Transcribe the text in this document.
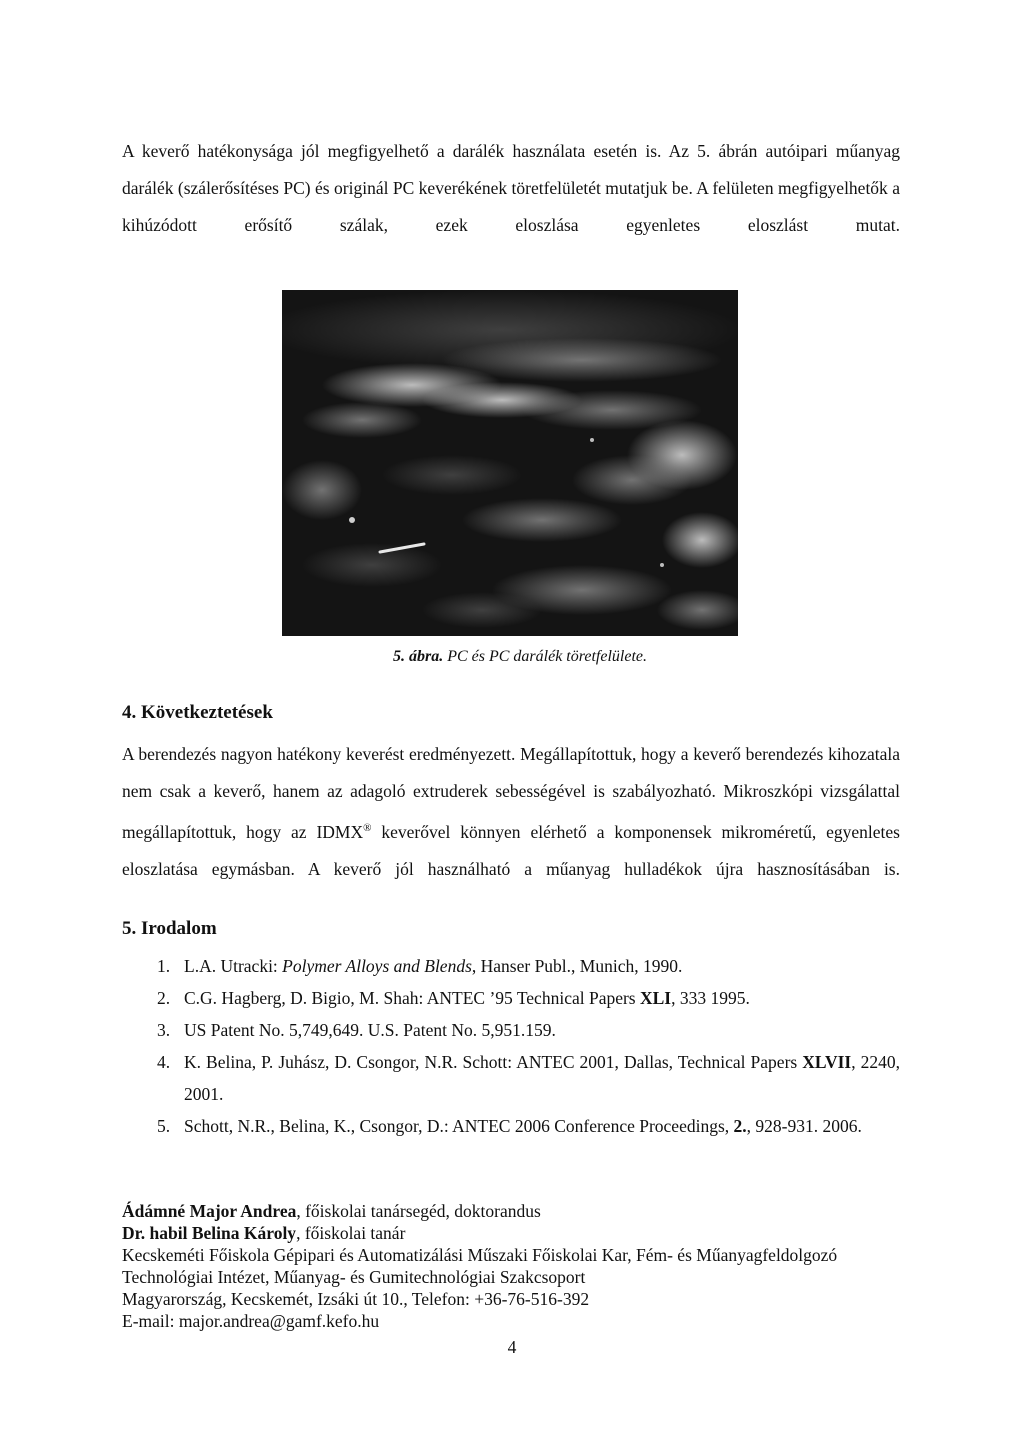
A keverő hatékonysága jól megfigyelhető a darálék használata esetén is. Az 5. ábrán autóipari műanyag darálék (szálerősítéses PC) és originál PC keverékének töretfelületét mutatjuk be. A felületen megfigyelhetők a kihúzódott erősítő szálak, ezek eloszlása egyenletes eloszlást mutat.

5. ábra. PC és PC darálék töretfelülete.
4. Következtetések

A berendezés nagyon hatékony keverést eredményezett. Megállapítottuk, hogy a keverő berendezés kihozatala nem csak a keverő, hanem az adagoló extruderek sebességével is szabályozható. Mikroszkópi vizsgálattal megállapítottuk, hogy az IDMX® keverővel könnyen elérhető a komponensek mikroméretű, egyenletes eloszlatása egymásban. A keverő jól használható a műanyag hulladékok újra hasznosításában is.

5. Irodalom
1. L.A. Utracki: Polymer Alloys and Blends, Hanser Publ., Munich, 1990.
2. C.G. Hagberg, D. Bigio, M. Shah: ANTEC ’95 Technical Papers XLI, 333 1995.
3. US Patent No. 5,749,649. U.S. Patent No. 5,951.159.
4. K. Belina, P. Juhász, D. Csongor, N.R. Schott: ANTEC 2001, Dallas, Technical Papers XLVII, 2240, 2001.
5. Schott, N.R., Belina, K., Csongor, D.: ANTEC 2006 Conference Proceedings, 2., 928-931. 2006.
Ádámné Major Andrea, főiskolai tanársegéd, doktorandus
Dr. habil Belina Károly, főiskolai tanár
Kecskeméti Főiskola Gépipari és Automatizálási Műszaki Főiskolai Kar, Fém- és Műanyagfeldolgozó
Technológiai Intézet, Műanyag- és Gumitechnológiai Szakcsoport
Magyarország, Kecskemét, Izsáki út 10., Telefon: +36-76-516-392
E-mail: major.andrea@gamf.kefo.hu
4
